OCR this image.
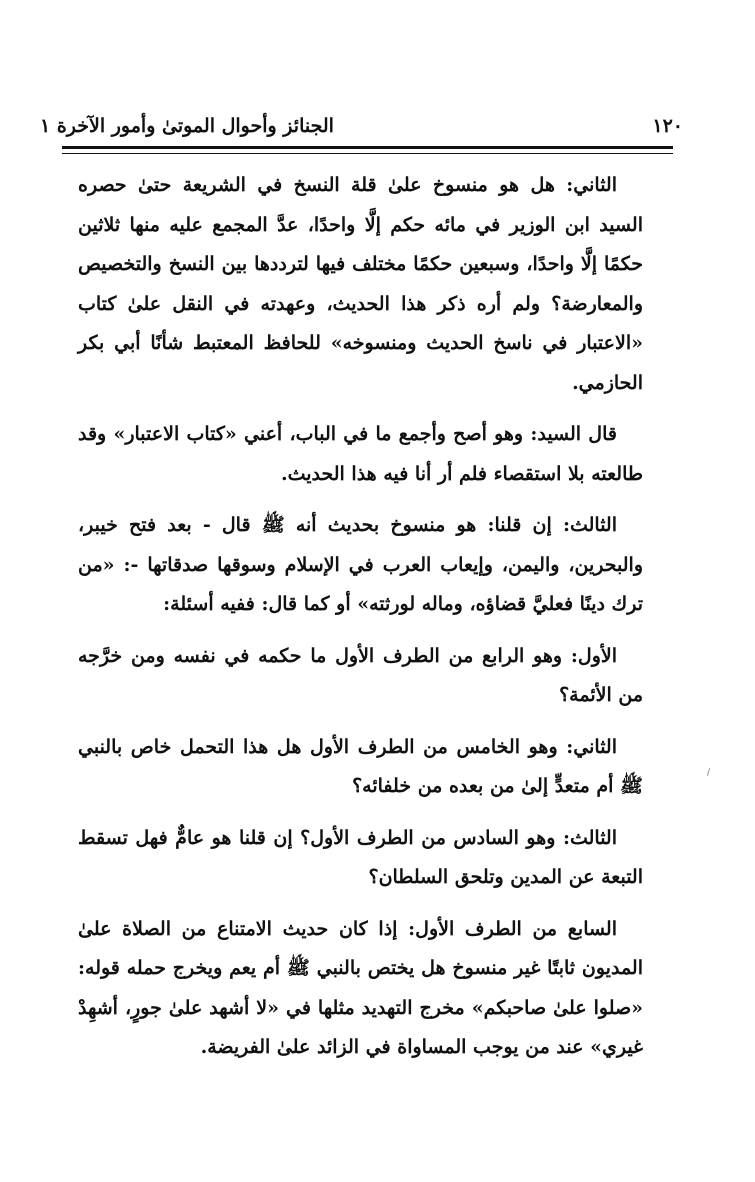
١٢٠
الجنائز وأحوال الموتىٰ وأمور الآخرة ١

الثاني: هل هو منسوخ علىٰ قلة النسخ في الشريعة حتىٰ حصره السيد ابن الوزير في مائه حكم إلَّا واحدًا، عدَّ المجمع عليه منها ثلاثين حكمًا إلَّا واحدًا، وسبعين حكمًا مختلف فيها لترددها بين النسخ والتخصيص والمعارضة؟ ولم أره ذكر هذا الحديث، وعهدته في النقل علىٰ كتاب «الاعتبار في ناسخ الحديث ومنسوخه» للحافظ المعتبط شأنًا أبي بكر الحازمي.

قال السيد: وهو أصح وأجمع ما في الباب، أعني «كتاب الاعتبار» وقد طالعته بلا استقصاء فلم أر أنا فيه هذا الحديث.

الثالث: إن قلنا: هو منسوخ بحديث أنه ﷺ قال - بعد فتح خيبر، والبحرين، واليمن، وإيعاب العرب في الإسلام وسوقها صدقاتها -: «من ترك دينًا فعليَّ قضاؤه، وماله لورثته» أو كما قال: ففيه أسئلة:

الأول: وهو الرابع من الطرف الأول ما حكمه في نفسه ومن خرَّجه من الأئمة؟

الثاني: وهو الخامس من الطرف الأول هل هذا التحمل خاص بالنبي ﷺ أم متعدٍّ إلىٰ من بعده من خلفائه؟

الثالث: وهو السادس من الطرف الأول؟ إن قلنا هو عامٌّ فهل تسقط التبعة عن المدين وتلحق السلطان؟

السابع من الطرف الأول: إذا كان حديث الامتناع من الصلاة علىٰ المديون ثابتًا غير منسوخ هل يختص بالنبي ﷺ أم يعم ويخرج حمله قوله: «صلوا علىٰ صاحبكم» مخرج التهديد مثلها في «لا أشهد علىٰ جورٍ، أشهِدْ غيري» عند من يوجب المساواة في الزائد علىٰ الفريضة.
